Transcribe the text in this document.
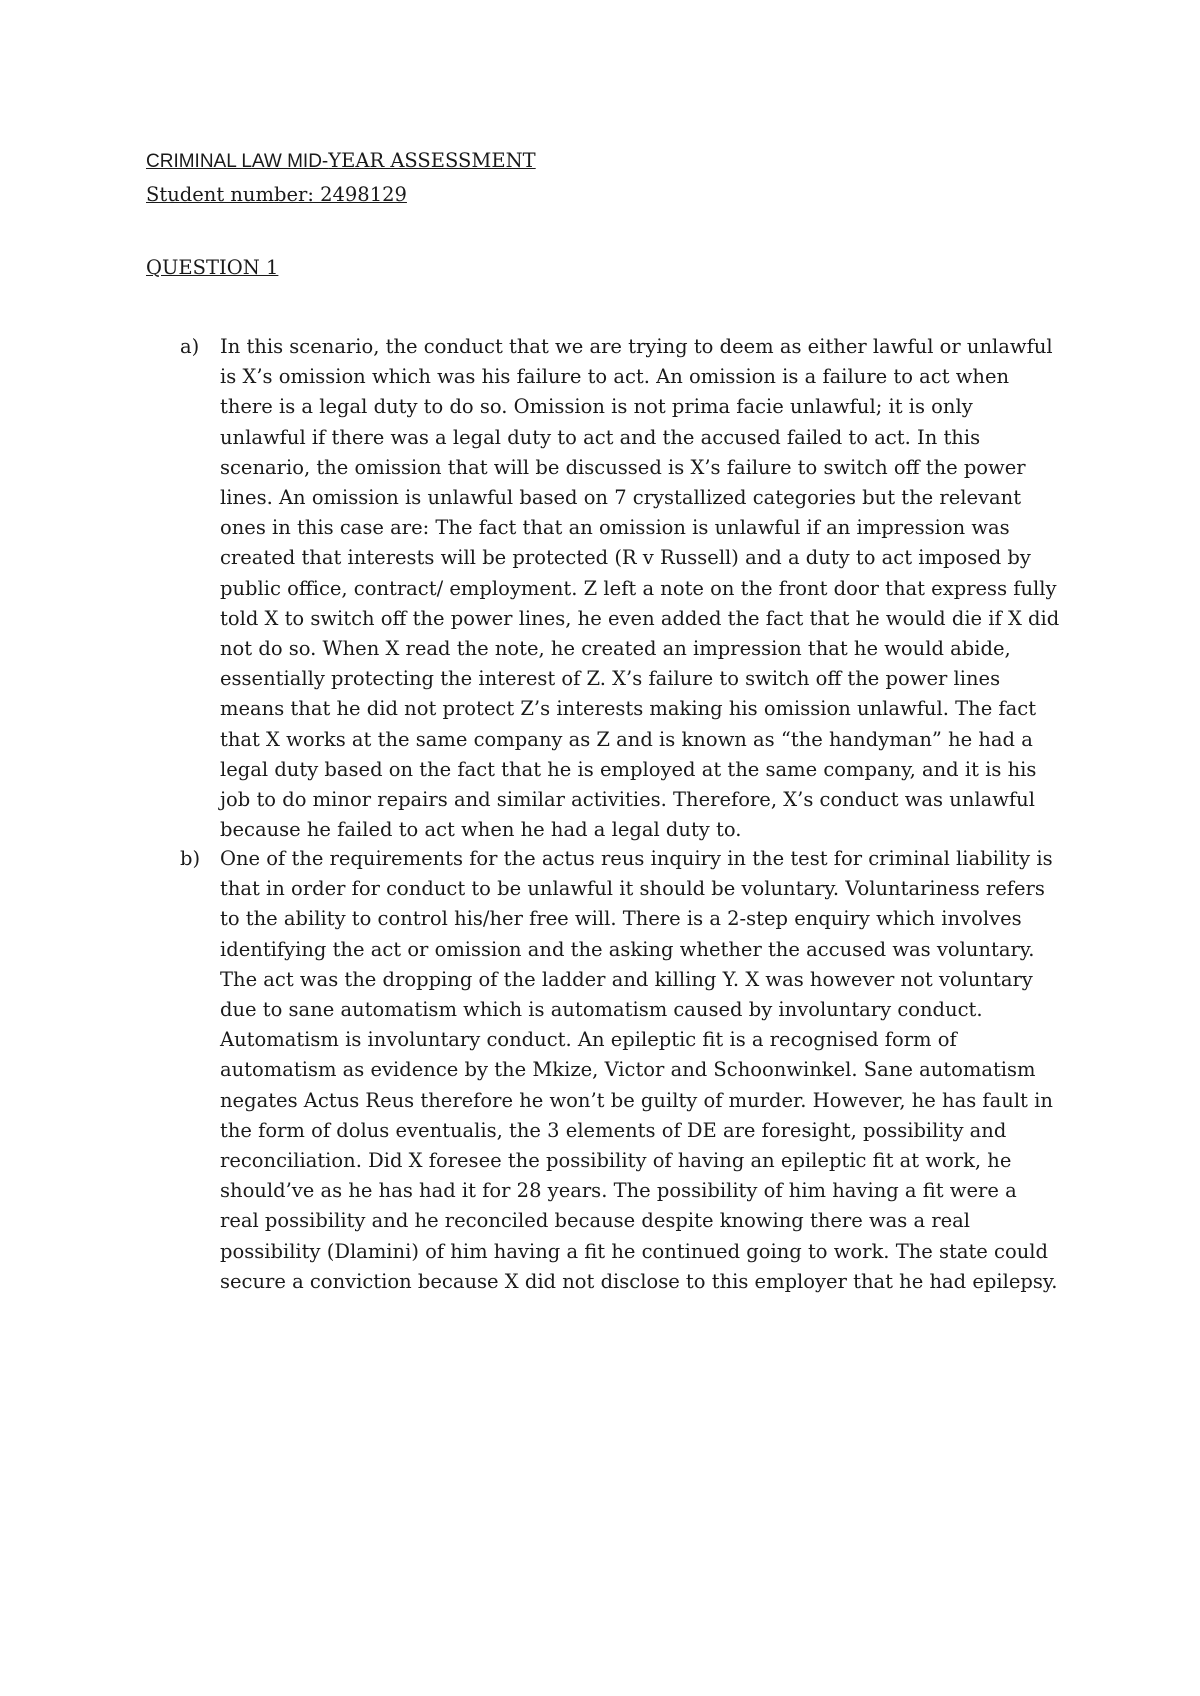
CRIMINAL LAW MID-YEAR ASSESSMENT
Student number: 2498129
QUESTION 1
a)	In this scenario, the conduct that we are trying to deem as either lawful or unlawful is X’s omission which was his failure to act. An omission is a failure to act when there is a legal duty to do so. Omission is not prima facie unlawful; it is only unlawful if there was a legal duty to act and the accused failed to act. In this scenario, the omission that will be discussed is X’s failure to switch off the power lines. An omission is unlawful based on 7 crystallized categories but the relevant ones in this case are: The fact that an omission is unlawful if an impression was created that interests will be protected (R v Russell) and a duty to act imposed by public office, contract/ employment. Z left a note on the front door that express fully told X to switch off the power lines, he even added the fact that he would die if X did not do so. When X read the note, he created an impression that he would abide, essentially protecting the interest of Z. X’s failure to switch off the power lines means that he did not protect Z’s interests making his omission unlawful. The fact that X works at the same company as Z and is known as “the handyman” he had a legal duty based on the fact that he is employed at the same company, and it is his job to do minor repairs and similar activities. Therefore, X’s conduct was unlawful because he failed to act when he had a legal duty to.
b)	One of the requirements for the actus reus inquiry in the test for criminal liability is that in order for conduct to be unlawful it should be voluntary. Voluntariness refers to the ability to control his/her free will. There is a 2-step enquiry which involves identifying the act or omission and the asking whether the accused was voluntary. The act was the dropping of the ladder and killing Y. X was however not voluntary due to sane automatism which is automatism caused by involuntary conduct. Automatism is involuntary conduct. An epileptic fit is a recognised form of automatism as evidence by the Mkize, Victor and Schoonwinkel. Sane automatism negates Actus Reus therefore he won’t be guilty of murder. However, he has fault in the form of dolus eventualis, the 3 elements of DE are foresight, possibility and reconciliation. Did X foresee the possibility of having an epileptic fit at work, he should’ve as he has had it for 28 years. The possibility of him having a fit were a real possibility and he reconciled because despite knowing there was a real possibility (Dlamini) of him having a fit he continued going to work. The state could secure a conviction because X did not disclose to this employer that he had epilepsy.
